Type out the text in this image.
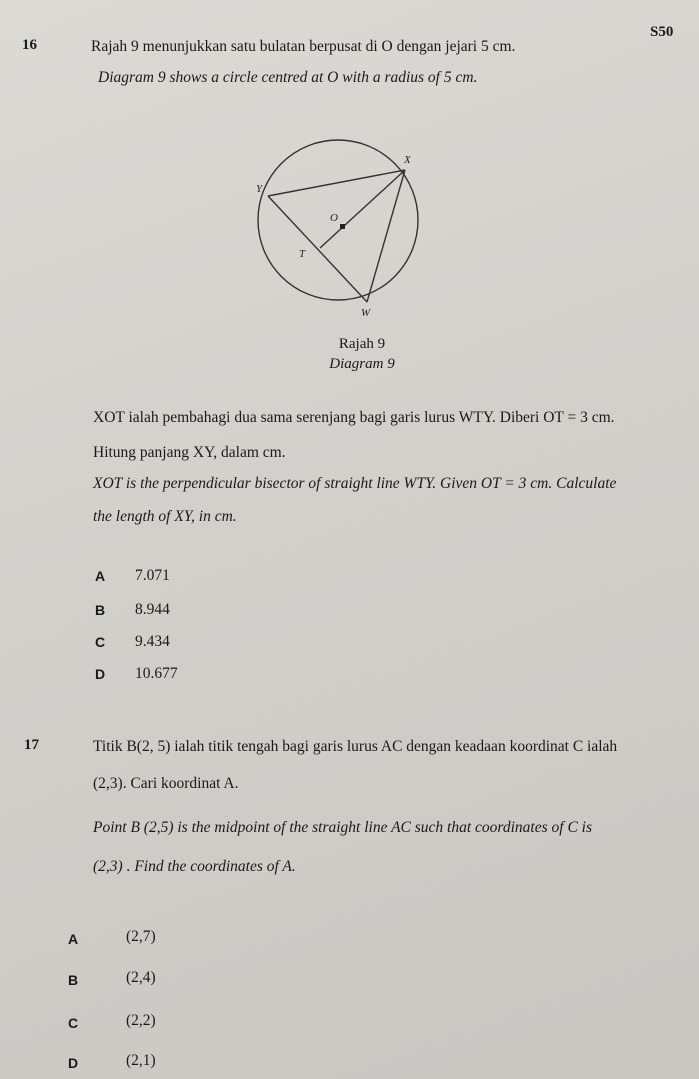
S50
16	Rajah 9 menunjukkan satu bulatan berpusat di O dengan jejari 5 cm.
Diagram 9 shows a circle centred at O with a radius of 5 cm.
X
Y
O
T
W
Rajah 9
Diagram 9
XOT ialah pembahagi dua sama serenjang bagi garis lurus WTY. Diberi OT = 3 cm.
Hitung panjang XY, dalam cm.
XOT is the perpendicular bisector of straight line WTY. Given OT = 3 cm. Calculate
the length of XY, in cm.
A 7.071
B 8.944
C 9.434
D 10.677
17	Titik B(2, 5) ialah titik tengah bagi garis lurus AC dengan keadaan koordinat C ialah
(2,3). Cari koordinat A.
Point B (2,5) is the midpoint of the straight line AC such that coordinates of C is
(2,3) . Find the coordinates of A.
A	(2,7)
B	(2,4)
C	(2,2)
D	(2,1)
